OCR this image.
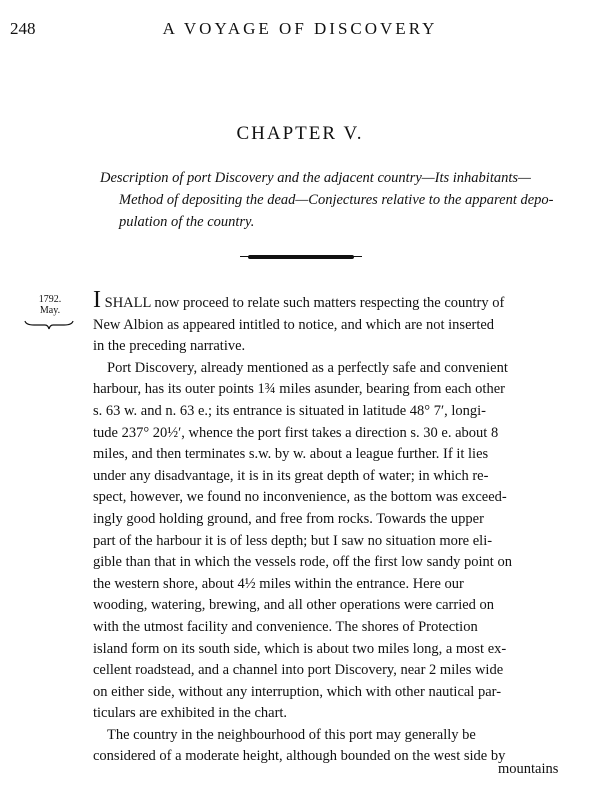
248	A VOYAGE OF DISCOVERY
CHAPTER V.

Description of port Discovery and the adjacent country—Its inhabitants—
Method of depositing the dead—Conjectures relative to the apparent depo-
pulation of the country.

1792.
May.	I SHALL now proceed to relate such matters respecting the country of
New Albion as appeared intitled to notice, and which are not inserted
in the preceding narrative.
Port Discovery, already mentioned as a perfectly safe and convenient
harbour, has its outer points 1¾ miles asunder, bearing from each other
s. 63 w. and n. 63 e.; its entrance is situated in latitude 48° 7′, longi-
tude 237° 20½′, whence the port first takes a direction s. 30 e. about 8
miles, and then terminates s.w. by w. about a league further. If it lies
under any disadvantage, it is in its great depth of water; in which re-
spect, however, we found no inconvenience, as the bottom was exceed-
ingly good holding ground, and free from rocks. Towards the upper
part of the harbour it is of less depth; but I saw no situation more eli-
gible than that in which the vessels rode, off the first low sandy point on
the western shore, about 4½ miles within the entrance. Here our
wooding, watering, brewing, and all other operations were carried on
with the utmost facility and convenience. The shores of Protection
island form on its south side, which is about two miles long, a most ex-
cellent roadstead, and a channel into port Discovery, near 2 miles wide
on either side, without any interruption, which with other nautical par-
ticulars are exhibited in the chart.
The country in the neighbourhood of this port may generally be
considered of a moderate height, although bounded on the west side by

mountains
